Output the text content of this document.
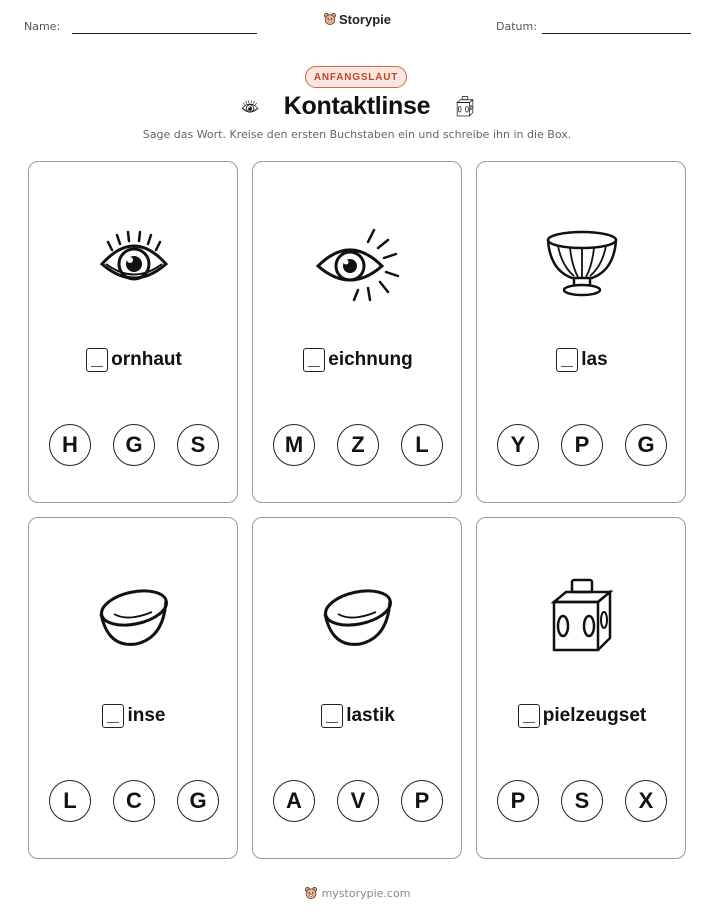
Name:	Storypie	Datum:
ANFANGSLAUT
Kontaktlinse
Sage das Wort. Kreise den ersten Buchstaben ein und schreibe ihn in die Box.
ornhaut
H	G	S
eichnung
M	Z	L
las
Y	P	G
inse
L	C	G
lastik
A	V	P
pielzeugset
P	S	X
mystorypie.com
